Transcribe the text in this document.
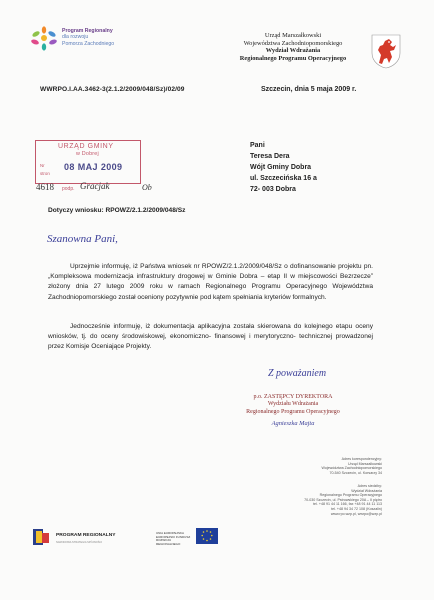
Program Regionalny
dla rozwoju
Pomorza Zachodniego
Urząd Marszałkowski
Województwa Zachodniopomorskiego
Wydział Wdrażania
Regionalnego Programu Operacyjnego
WWRPO.I.AA.3462-3(2.1.2/2009/048/Sz)/02/09	Szczecin, dnia 5 maja 2009 r.
Pani
Teresa Dera
Wójt Gminy Dobra
ul. Szczecińska 16 a
72- 003 Dobra
URZĄD GMINY
w Dobrej
Nr
stron
08 MAJ 2009
4618 podp. Gracjak	Ob
Dotyczy wniosku: RPOWZ/2.1.2/2009/048/Sz
Szanowna Pani,
Uprzejmie informuję, iż Państwa wniosek nr RPOWZ/2.1.2/2009/048/Sz o dofinansowanie projektu pn. „Kompleksowa modernizacja infrastruktury drogowej w Gminie Dobra – etap II w miejscowości Bezrzecze” złożony dnia 27 lutego 2009 roku w ramach Regionalnego Programu Operacyjnego Województwa Zachodniopomorskiego został oceniony pozytywnie pod kątem spełniania kryteriów formalnych.
Jednocześnie informuję, iż dokumentacja aplikacyjna została skierowana do kolejnego etapu oceny wniosków, tj. do oceny środowiskowej, ekonomiczno- finansowej i merytoryczno- technicznej prowadzonej przez Komisje Oceniające Projekty.
Z poważaniem
p.o. ZASTĘPCY DYREKTORA
Wydziału Wdrażania
Regionalnego Programu Operacyjnego
Agnieszka Majta
Adres korespondencyjny:
Urząd Marszałkowski
Województwa Zachodniopomorskiego
70-540 Szczecin, ul. Korsarzy 34
Adres siedziby:
Wydział Wdrażania
Regionalnego Programu Operacyjnego
70-030 Szczecin, ul. Pstrowskiego 20A – II piętro
tel. +48 91 44 11 166, fax +48 91 44 11 113
tel. +48 94 34 72 108 (Koszalin)
www.rpo.wzp.pl, wwrpo@wzp.pl
PROGRAM REGIONALNY
NARODOWA STRATEGIA SPÓJNOŚCI
UNIA EUROPEJSKA
EUROPEJSKI FUNDUSZ
ROZWOJU REGIONALNEGO
